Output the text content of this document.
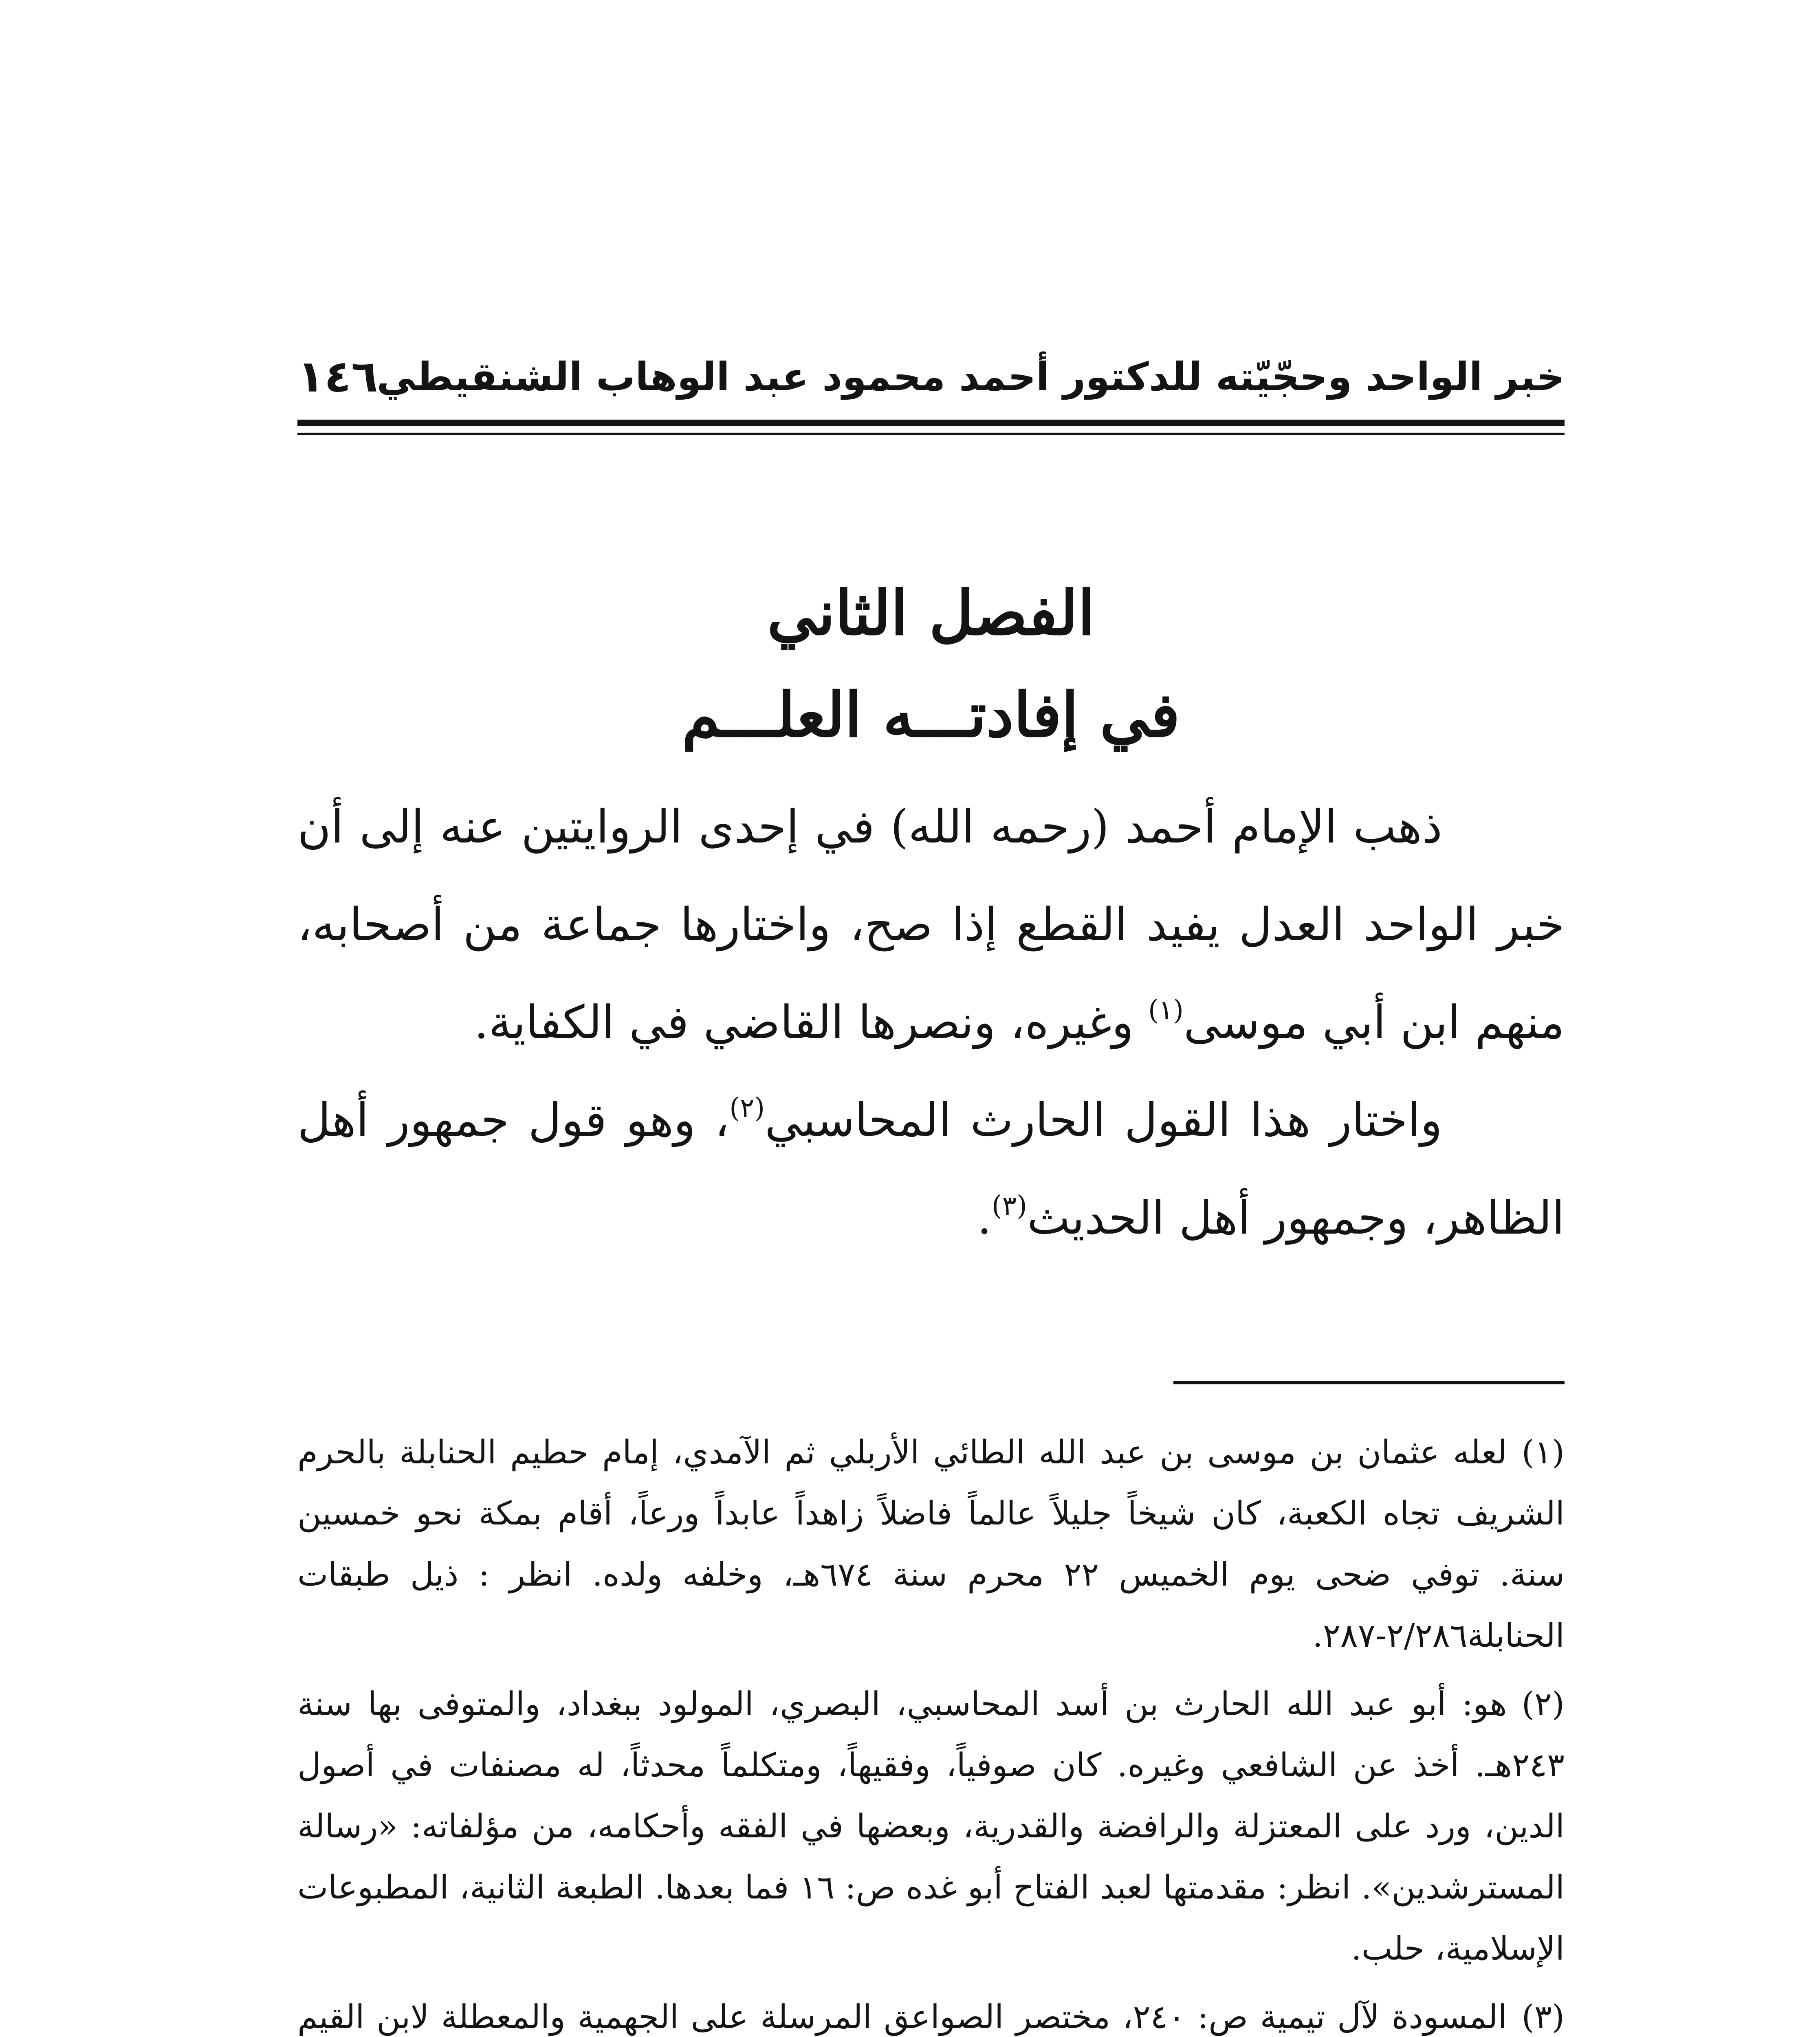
خبر الواحد وحجّيّته للدكتور أحمد محمود عبد الوهاب الشنقيطي
١٤٦
الفصل الثاني
في إفادتـــه العلـــم

ذهب الإمام أحمد (رحمه الله) في إحدى الروايتين عنه إلى أن خبر الواحد العدل يفيد القطع إذا صح، واختارها جماعة من أصحابه، منهم ابن أبي موسى$^{(١)}$ وغيره، ونصرها القاضي في الكفاية.

واختار هذا القول الحارث المحاسبي$^{(٢)}$، وهو قول جمهور أهل الظاهر، وجمهور أهل الحديث$^{(٣)}$.

(١)لعله عثمان بن موسى بن عبد الله الطائي الأربلي ثم الآمدي، إمام حطيم الحنابلة بالحرم الشريف تجاه الكعبة، كان شيخاً جليلاً عالماً فاضلاً زاهداً عابداً ورعاً، أقام بمكة نحو خمسين سنة. توفي ضحى يوم الخميس ٢٢ محرم سنة ٦٧٤هـ، وخلفه ولده. انظر : ذيل طبقات الحنابلة٢/٢٨٦-٢٨٧.

(٢)هو: أبو عبد الله الحارث بن أسد المحاسبي، البصري، المولود ببغداد، والمتوفى بها سنة ٢٤٣هـ. أخذ عن الشافعي وغيره. كان صوفياً، وفقيهاً، ومتكلماً محدثاً، له مصنفات في أصول الدين، ورد على المعتزلة والرافضة والقدرية، وبعضها في الفقه وأحكامه، من مؤلفاته: «رسالة المسترشدين». انظر: مقدمتها لعبد الفتاح أبو غده ص: ١٦ فما بعدها. الطبعة الثانية، المطبوعات الإسلامية، حلب.

(٣)المسودة لآل تيمية ص: ٢٤٠، مختصر الصواعق المرسلة على الجهمية والمعطلة لابن القيم
